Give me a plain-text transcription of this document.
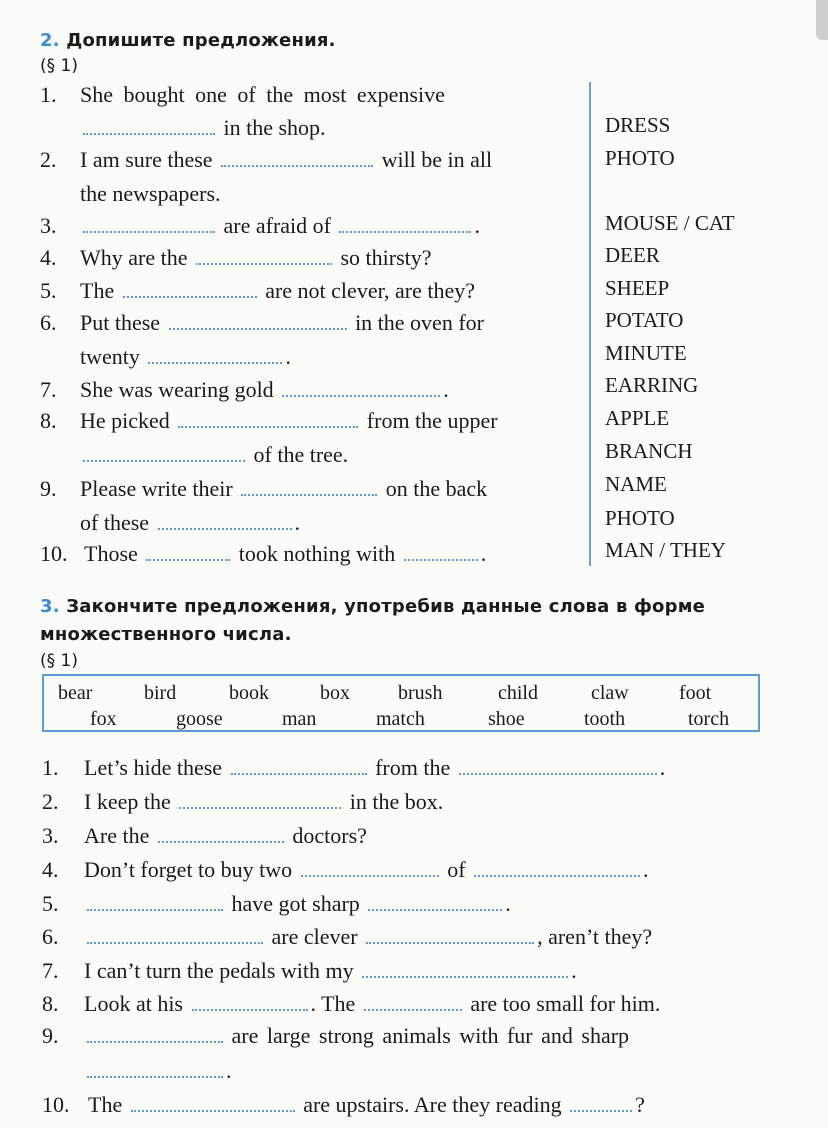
2. Допишите предложения.
(§ 1)
1. She bought one of the most expensive
in the shop.
2. I am sure these	will be in all
the newspapers.
3.	are afraid of	.
4. Why are the	so thirsty?
5. The	are not clever, are they?
6. Put these	in the oven for
twenty	.
7. She was wearing gold	.
8. He picked	from the upper
of the tree.
9. Please write their	on the back
of these	.
10. Those	took nothing with	.
DRESS
PHOTO
MOUSE / CAT
DEER
SHEEP
POTATO
MINUTE
EARRING
APPLE
BRANCH
NAME
PHOTO
MAN / THEY
3. Закончите предложения, употребив данные слова в форме
множественного числа.
(§ 1)
bear	bird	book	box brush	child	claw	foot
fox	goose	man	match	shoe	tooth	torch
1. Let’s hide these	from the	.
2. I keep the	in the box.
3. Are the	doctors?
4. Don’t forget to buy two	of	.
5.	have got sharp	.
6.	are clever	, aren’t they?
7. I can’t turn the pedals with my	.
8. Look at his	. The	are too small for him.
9.	are large strong animals with fur and sharp
.
10. The	are upstairs. Are they reading	?
